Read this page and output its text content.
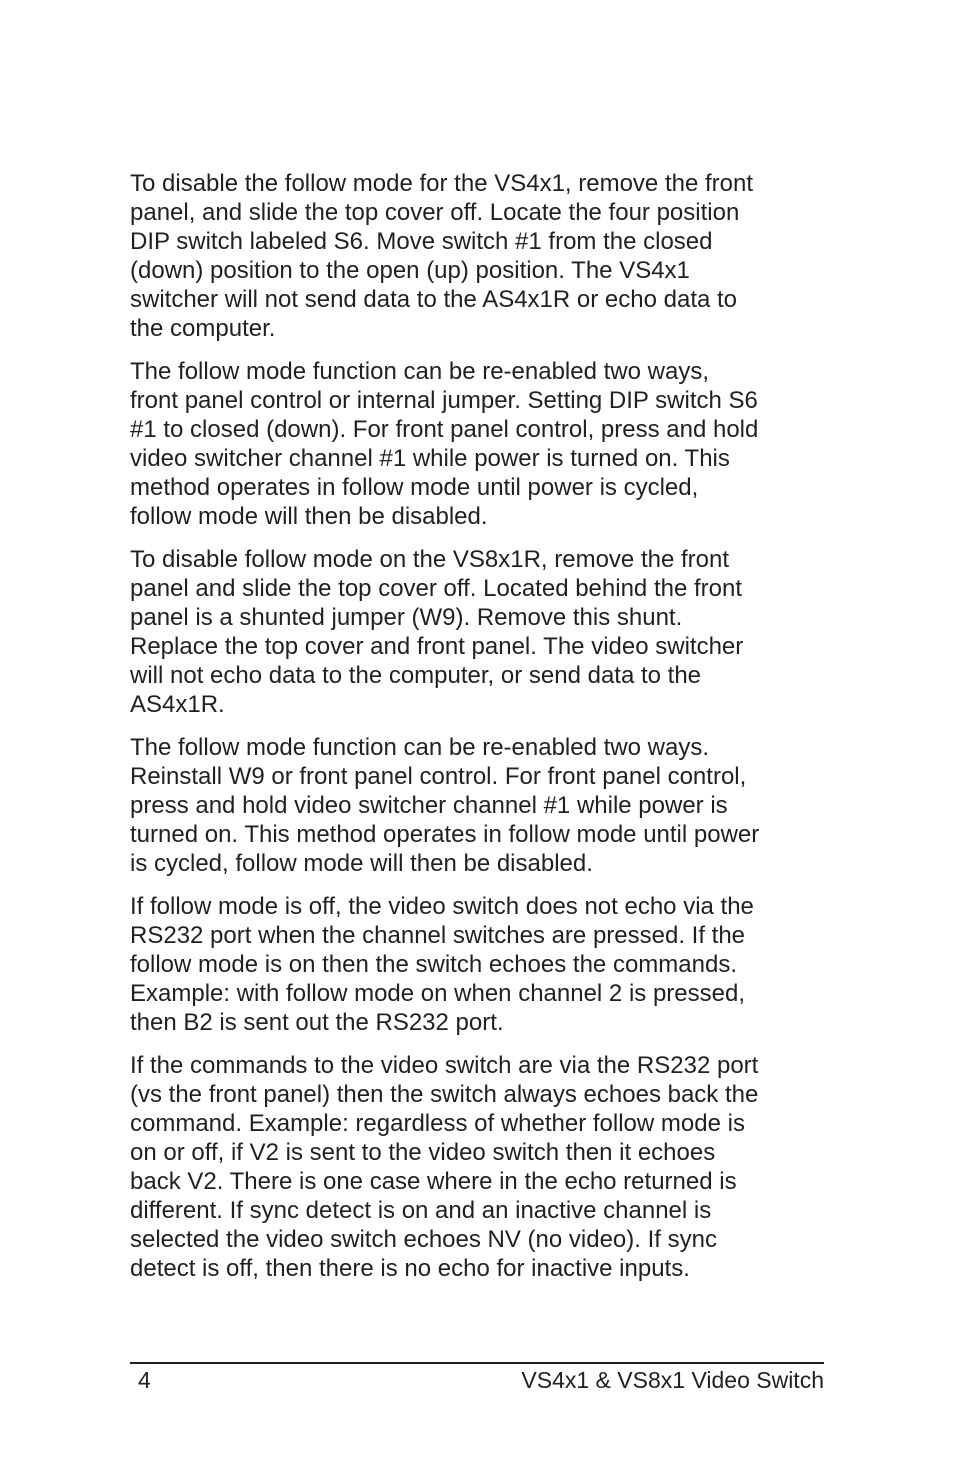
To disable the follow mode for the VS4x1, remove the front
panel, and slide the top cover off. Locate the four position
DIP switch labeled S6. Move switch #1 from the closed
(down) position to the open (up) position. The VS4x1
switcher will not send data to the AS4x1R or echo data to
the computer.

The follow mode function can be re-enabled two ways,
front panel control or internal jumper. Setting DIP switch S6
#1 to closed (down). For front panel control, press and hold
video switcher channel #1 while power is turned on. This
method operates in follow mode until power is cycled,
follow mode will then be disabled.

To disable follow mode on the VS8x1R, remove the front
panel and slide the top cover off. Located behind the front
panel is a shunted jumper (W9). Remove this shunt.
Replace the top cover and front panel. The video switcher
will not echo data to the computer, or send data to the
AS4x1R.

The follow mode function can be re-enabled two ways.
Reinstall W9 or front panel control. For front panel control,
press and hold video switcher channel #1 while power is
turned on. This method operates in follow mode until power
is cycled, follow mode will then be disabled.

If follow mode is off, the video switch does not echo via the
RS232 port when the channel switches are pressed. If the
follow mode is on then the switch echoes the commands.
Example: with follow mode on when channel 2 is pressed,
then B2 is sent out the RS232 port.

If the commands to the video switch are via the RS232 port
(vs the front panel) then the switch always echoes back the
command. Example: regardless of whether follow mode is
on or off, if V2 is sent to the video switch then it echoes
back V2. There is one case where in the echo returned is
different. If sync detect is on and an inactive channel is
selected the video switch echoes NV (no video). If sync
detect is off, then there is no echo for inactive inputs.

4	VS4x1 & VS8x1 Video Switch
